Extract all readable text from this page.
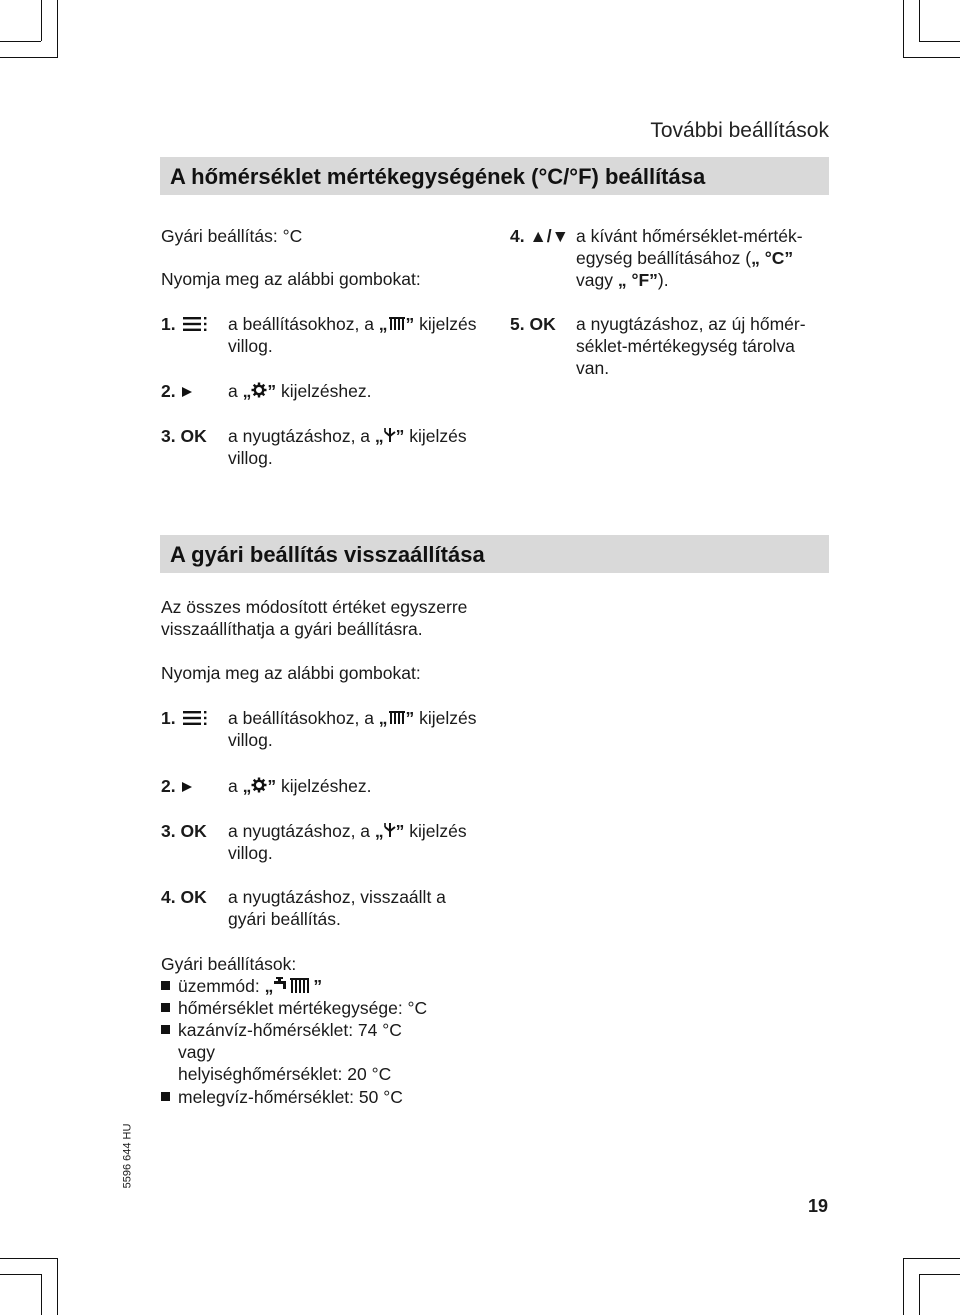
További beállítások
A hőmérséklet mértékegységének (°C/°F) beállítása
Gyári beállítás: °C
Nyomja meg az alábbi gombokat:
1.	a beállításokhoz, a „ ” kijelzés
villog.
2.	a „ ” kijelzéshez.
3. OK a nyugtázáshoz, a „ ” kijelzés
villog.
4. ▲/▼ a kívánt hőmérséklet-mérték-
egység beállításához („ °C”
vagy „ °F”).
5. OK a nyugtázáshoz, az új hőmér-
séklet-mértékegység tárolva
van.
A gyári beállítás visszaállítása
Az összes módosított értéket egyszerre
visszaállíthatja a gyári beállításra.
Nyomja meg az alábbi gombokat:
1.	a beállításokhoz, a „ ” kijelzés
villog.
2.	a „ ” kijelzéshez.
3. OK a nyugtázáshoz, a „ ” kijelzés
villog.
4. OK a nyugtázáshoz, visszaállt a
gyári beállítás.
Gyári beállítások:
üzemmód: „ ”
hőmérséklet mértékegysége: °C
kazánvíz-hőmérséklet: 74 °C
vagy
helyiséghőmérséklet: 20 °C
melegvíz-hőmérséklet: 50 °C
5596 644 HU
19
